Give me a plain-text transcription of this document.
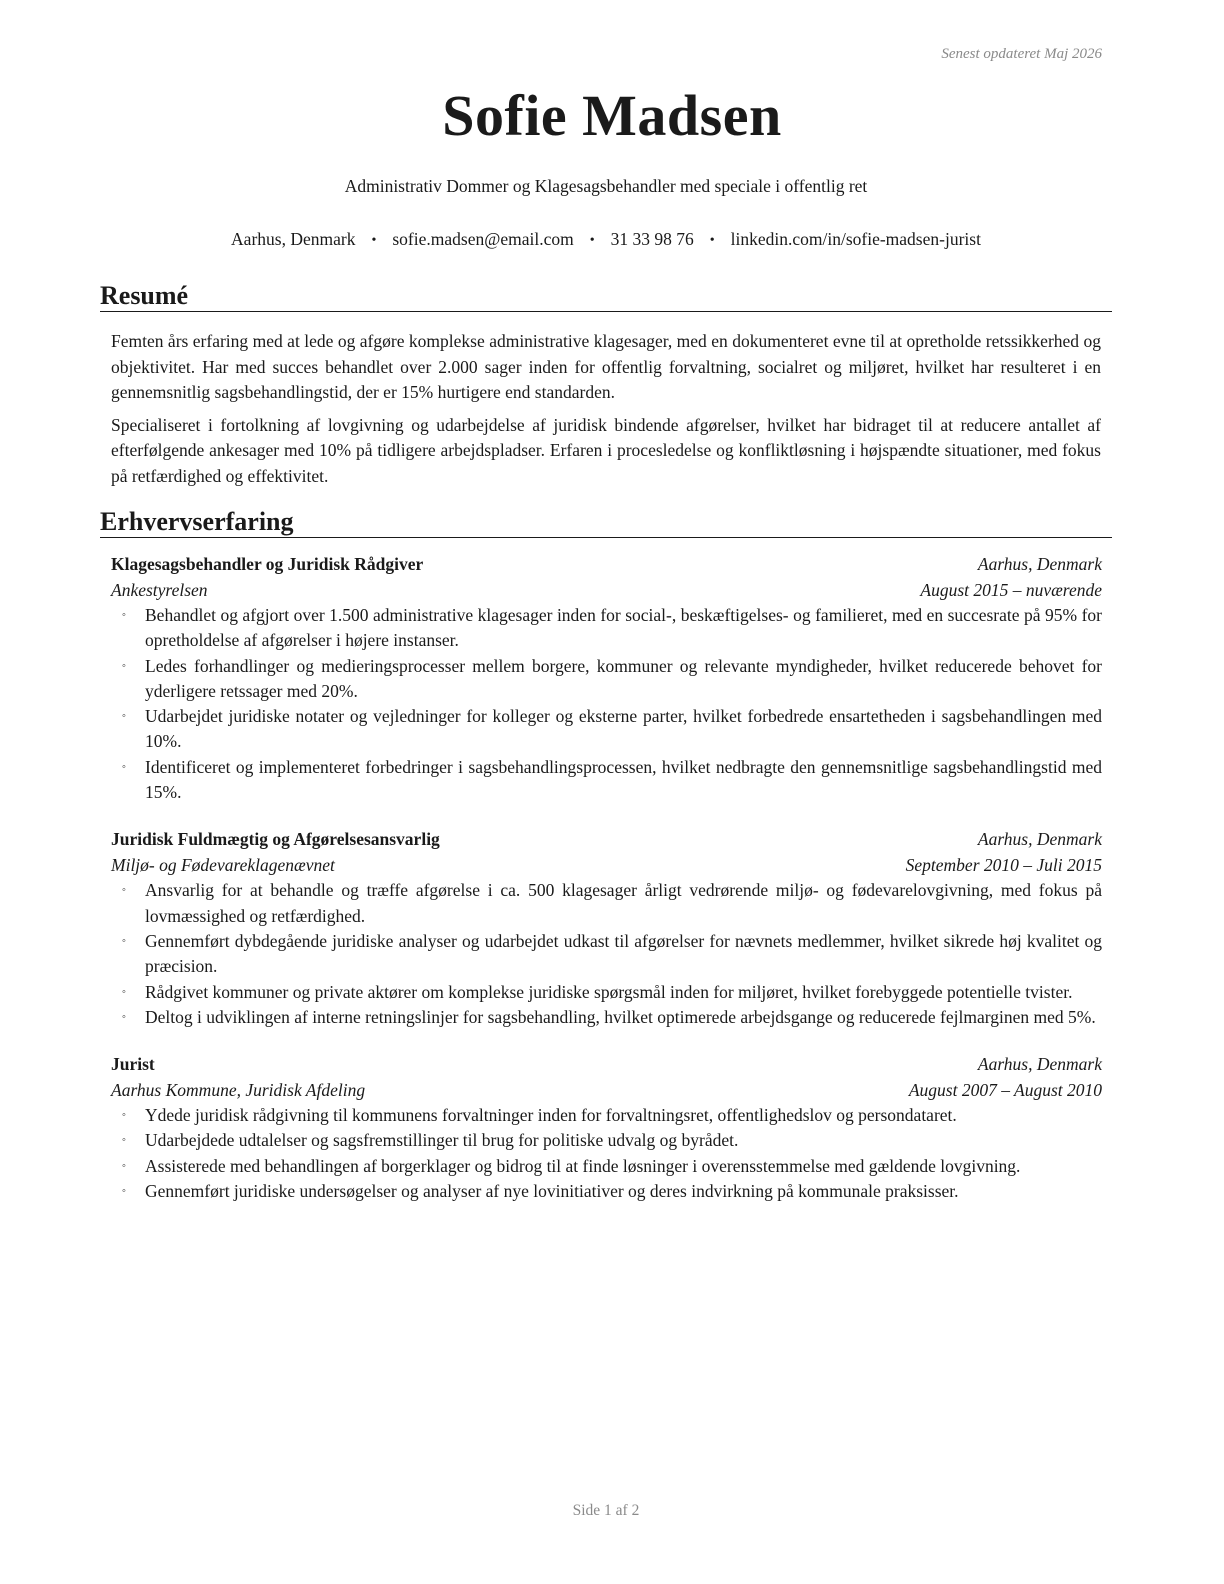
Senest opdateret Maj 2026
Sofie Madsen
Administrativ Dommer og Klagesagsbehandler med speciale i offentlig ret
Aarhus, Denmark • sofie.madsen@email.com • 31 33 98 76 • linkedin.com/in/sofie-madsen-jurist
Resumé

Femten års erfaring med at lede og afgøre komplekse administrative klagesager, med en dokumenteret evne til at opretholde retssikkerhed og objektivitet. Har med succes behandlet over 2.000 sager inden for offentlig forvaltning, socialret og miljøret, hvilket har resulteret i en gennemsnitlig sagsbehandlingstid, der er 15% hurtigere end standarden.

Specialiseret i fortolkning af lovgivning og udarbejdelse af juridisk bindende afgørelser, hvilket har bidraget til at reducere antallet af efterfølgende ankesager med 10% på tidligere arbejdspladser. Erfaren i procesledelse og konfliktløsning i højspændte situationer, med fokus på retfærdighed og effektivitet.

Erhvervserfaring
Klagesagsbehandler og Juridisk Rådgiver	Aarhus, Denmark
Ankestyrelsen	August 2015 – nuværende
◦ Behandlet og afgjort over 1.500 administrative klagesager inden for social-, beskæftigelses- og familieret, med en succesrate på 95% for opretholdelse af afgørelser i højere instanser.
◦ Ledes forhandlinger og medieringsprocesser mellem borgere, kommuner og relevante myndigheder, hvilket reducerede behovet for yderligere retssager med 20%.
◦ Udarbejdet juridiske notater og vejledninger for kolleger og eksterne parter, hvilket forbedrede ensartetheden i sagsbehandlingen med 10%.
◦ Identificeret og implementeret forbedringer i sagsbehandlingsprocessen, hvilket nedbragte den gennemsnitlige sagsbehandlingstid med 15%.
Juridisk Fuldmægtig og Afgørelsesansvarlig	Aarhus, Denmark
Miljø- og Fødevareklagenævnet	September 2010 – Juli 2015
◦ Ansvarlig for at behandle og træffe afgørelse i ca. 500 klagesager årligt vedrørende miljø- og fødevarelovgivning, med fokus på lovmæssighed og retfærdighed.
◦ Gennemført dybdegående juridiske analyser og udarbejdet udkast til afgørelser for nævnets medlemmer, hvilket sikrede høj kvalitet og præcision.
◦ Rådgivet kommuner og private aktører om komplekse juridiske spørgsmål inden for miljøret, hvilket forebyggede potentielle tvister.
◦ Deltog i udviklingen af interne retningslinjer for sagsbehandling, hvilket optimerede arbejdsgange og reducerede fejlmarginen med 5%.
Jurist	Aarhus, Denmark
Aarhus Kommune, Juridisk Afdeling	August 2007 – August 2010
◦ Ydede juridisk rådgivning til kommunens forvaltninger inden for forvaltningsret, offentlighedslov og persondataret.
◦ Udarbejdede udtalelser og sagsfremstillinger til brug for politiske udvalg og byrådet.
◦ Assisterede med behandlingen af borgerklager og bidrog til at finde løsninger i overensstemmelse med gældende lovgivning.
◦ Gennemført juridiske undersøgelser og analyser af nye lovinitiativer og deres indvirkning på kommunale praksisser.
Side 1 af 2
